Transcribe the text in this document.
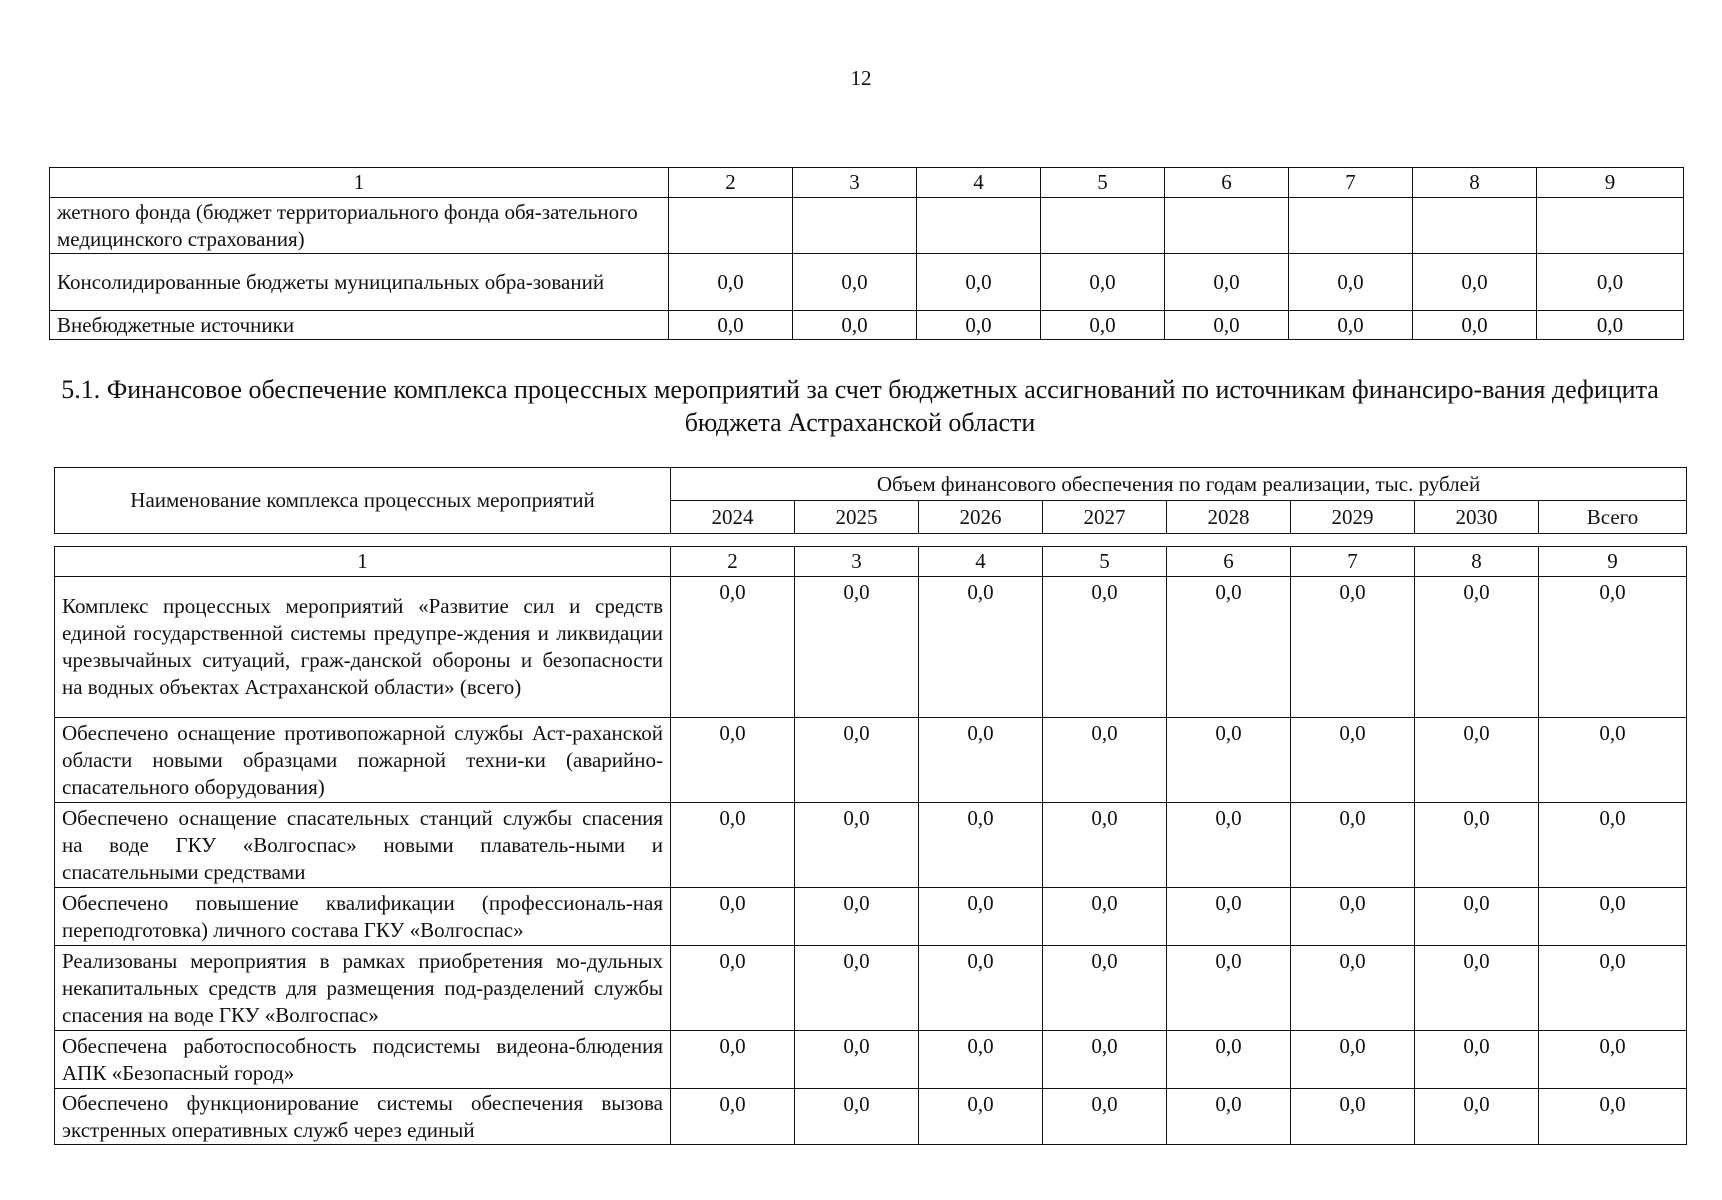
12
1	2	3	4	5	6	7	8	9
жетного фонда (бюджет территориального фонда обя-зательного медицинского страхования)								
Консолидированные бюджеты муниципальных обра-зований	0,0	0,0	0,0	0,0	0,0	0,0	0,0	0,0
Внебюджетные источники	0,0	0,0	0,0	0,0	0,0	0,0	0,0	0,0
5.1. Финансовое обеспечение комплекса процессных мероприятий за счет бюджетных ассигнований по источникам финансиро-вания дефицита бюджета Астраханской области
Наименование комплекса процессных мероприятий	Объем финансового обеспечения по годам реализации, тыс. рублей							
	2024	2025	2026	2027	2028	2029	2030	Всего
1	2	3	4	5	6	7	8	9
Комплекс процессных мероприятий «Развитие сил и средств единой государственной системы предупре-ждения и ликвидации чрезвычайных ситуаций, граж-данской обороны и безопасности на водных объектах Астраханской области» (всего)	0,0	0,0	0,0	0,0	0,0	0,0	0,0	0,0
Обеспечено оснащение противопожарной службы Аст-раханской области новыми образцами пожарной техни-ки (аварийно-спасательного оборудования)	0,0	0,0	0,0	0,0	0,0	0,0	0,0	0,0
Обеспечено оснащение спасательных станций службы спасения на воде ГКУ «Волгоспас» новыми плаватель-ными и спасательными средствами	0,0	0,0	0,0	0,0	0,0	0,0	0,0	0,0
Обеспечено повышение квалификации (профессиональ-ная переподготовка) личного состава ГКУ «Волгоспас»	0,0	0,0	0,0	0,0	0,0	0,0	0,0	0,0
Реализованы мероприятия в рамках приобретения мо-дульных некапитальных средств для размещения под-разделений службы спасения на воде ГКУ «Волгоспас»	0,0	0,0	0,0	0,0	0,0	0,0	0,0	0,0
Обеспечена работоспособность подсистемы видеона-блюдения АПК «Безопасный город»	0,0	0,0	0,0	0,0	0,0	0,0	0,0	0,0
Обеспечено функционирование системы обеспечения вызова экстренных оперативных служб через единый	0,0	0,0	0,0	0,0	0,0	0,0	0,0	0,0
